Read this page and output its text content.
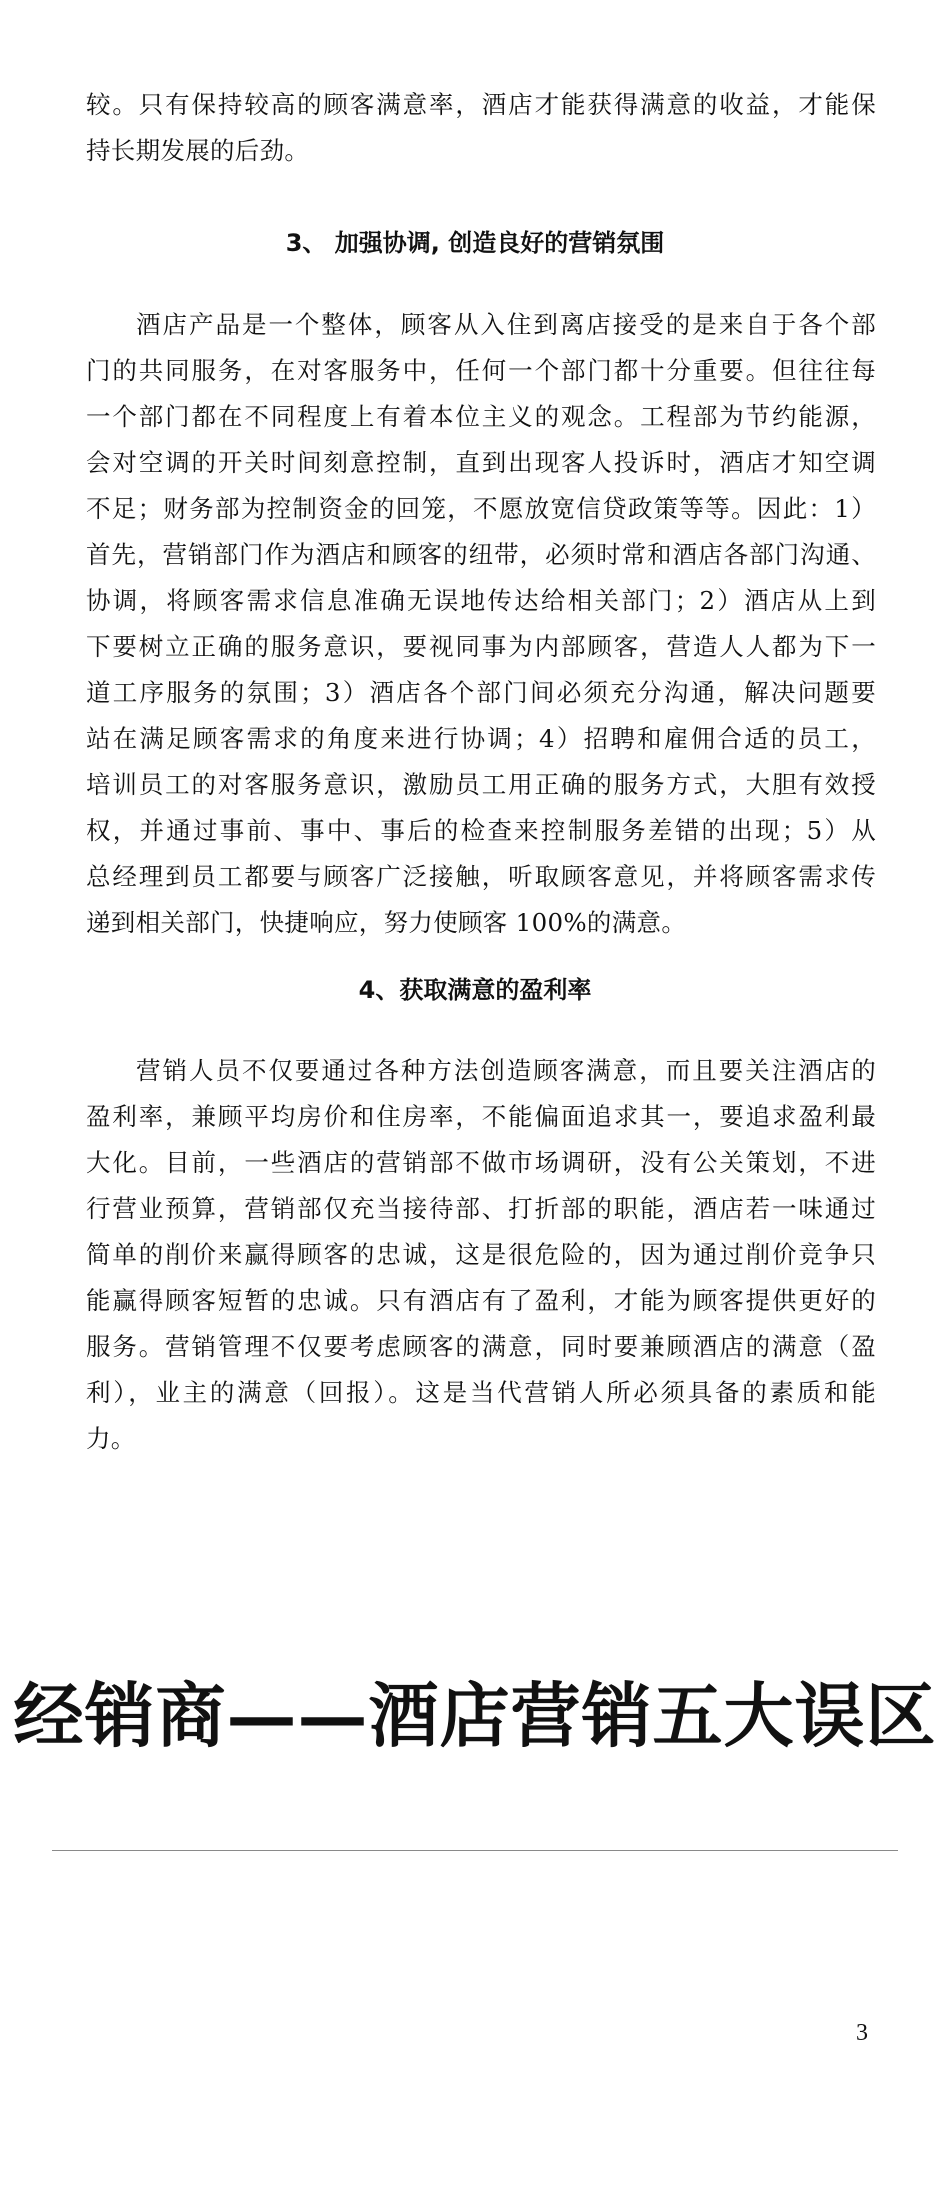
较。只有保持较高的顾客满意率，酒店才能获得满意的收益，才能保
持长期发展的后劲。
3、 加强协调, 创造良好的营销氛围
酒店产品是一个整体，顾客从入住到离店接受的是来自于各个部
门的共同服务，在对客服务中，任何一个部门都十分重要。但往往每
一个部门都在不同程度上有着本位主义的观念。工程部为节约能源，
会对空调的开关时间刻意控制，直到出现客人投诉时，酒店才知空调
不足；财务部为控制资金的回笼，不愿放宽信贷政策等等。因此：1）
首先，营销部门作为酒店和顾客的纽带，必须时常和酒店各部门沟通、
协调，将顾客需求信息准确无误地传达给相关部门；2）酒店从上到
下要树立正确的服务意识，要视同事为内部顾客，营造人人都为下一
道工序服务的氛围；3）酒店各个部门间必须充分沟通，解决问题要
站在满足顾客需求的角度来进行协调；4）招聘和雇佣合适的员工，
培训员工的对客服务意识，激励员工用正确的服务方式，大胆有效授
权，并通过事前、事中、事后的检查来控制服务差错的出现；5）从
总经理到员工都要与顾客广泛接触，听取顾客意见，并将顾客需求传
递到相关部门，快捷响应，努力使顾客 100%的满意。
4、获取满意的盈利率
营销人员不仅要通过各种方法创造顾客满意，而且要关注酒店的
盈利率，兼顾平均房价和住房率，不能偏面追求其一，要追求盈利最
大化。目前，一些酒店的营销部不做市场调研，没有公关策划，不进
行营业预算，营销部仅充当接待部、打折部的职能，酒店若一味通过
简单的削价来赢得顾客的忠诚，这是很危险的，因为通过削价竞争只
能赢得顾客短暂的忠诚。只有酒店有了盈利，才能为顾客提供更好的
服务。营销管理不仅要考虑顾客的满意，同时要兼顾酒店的满意（盈
利），业主的满意（回报）。这是当代营销人所必须具备的素质和能
力。
经销商——酒店营销五大误区
3
